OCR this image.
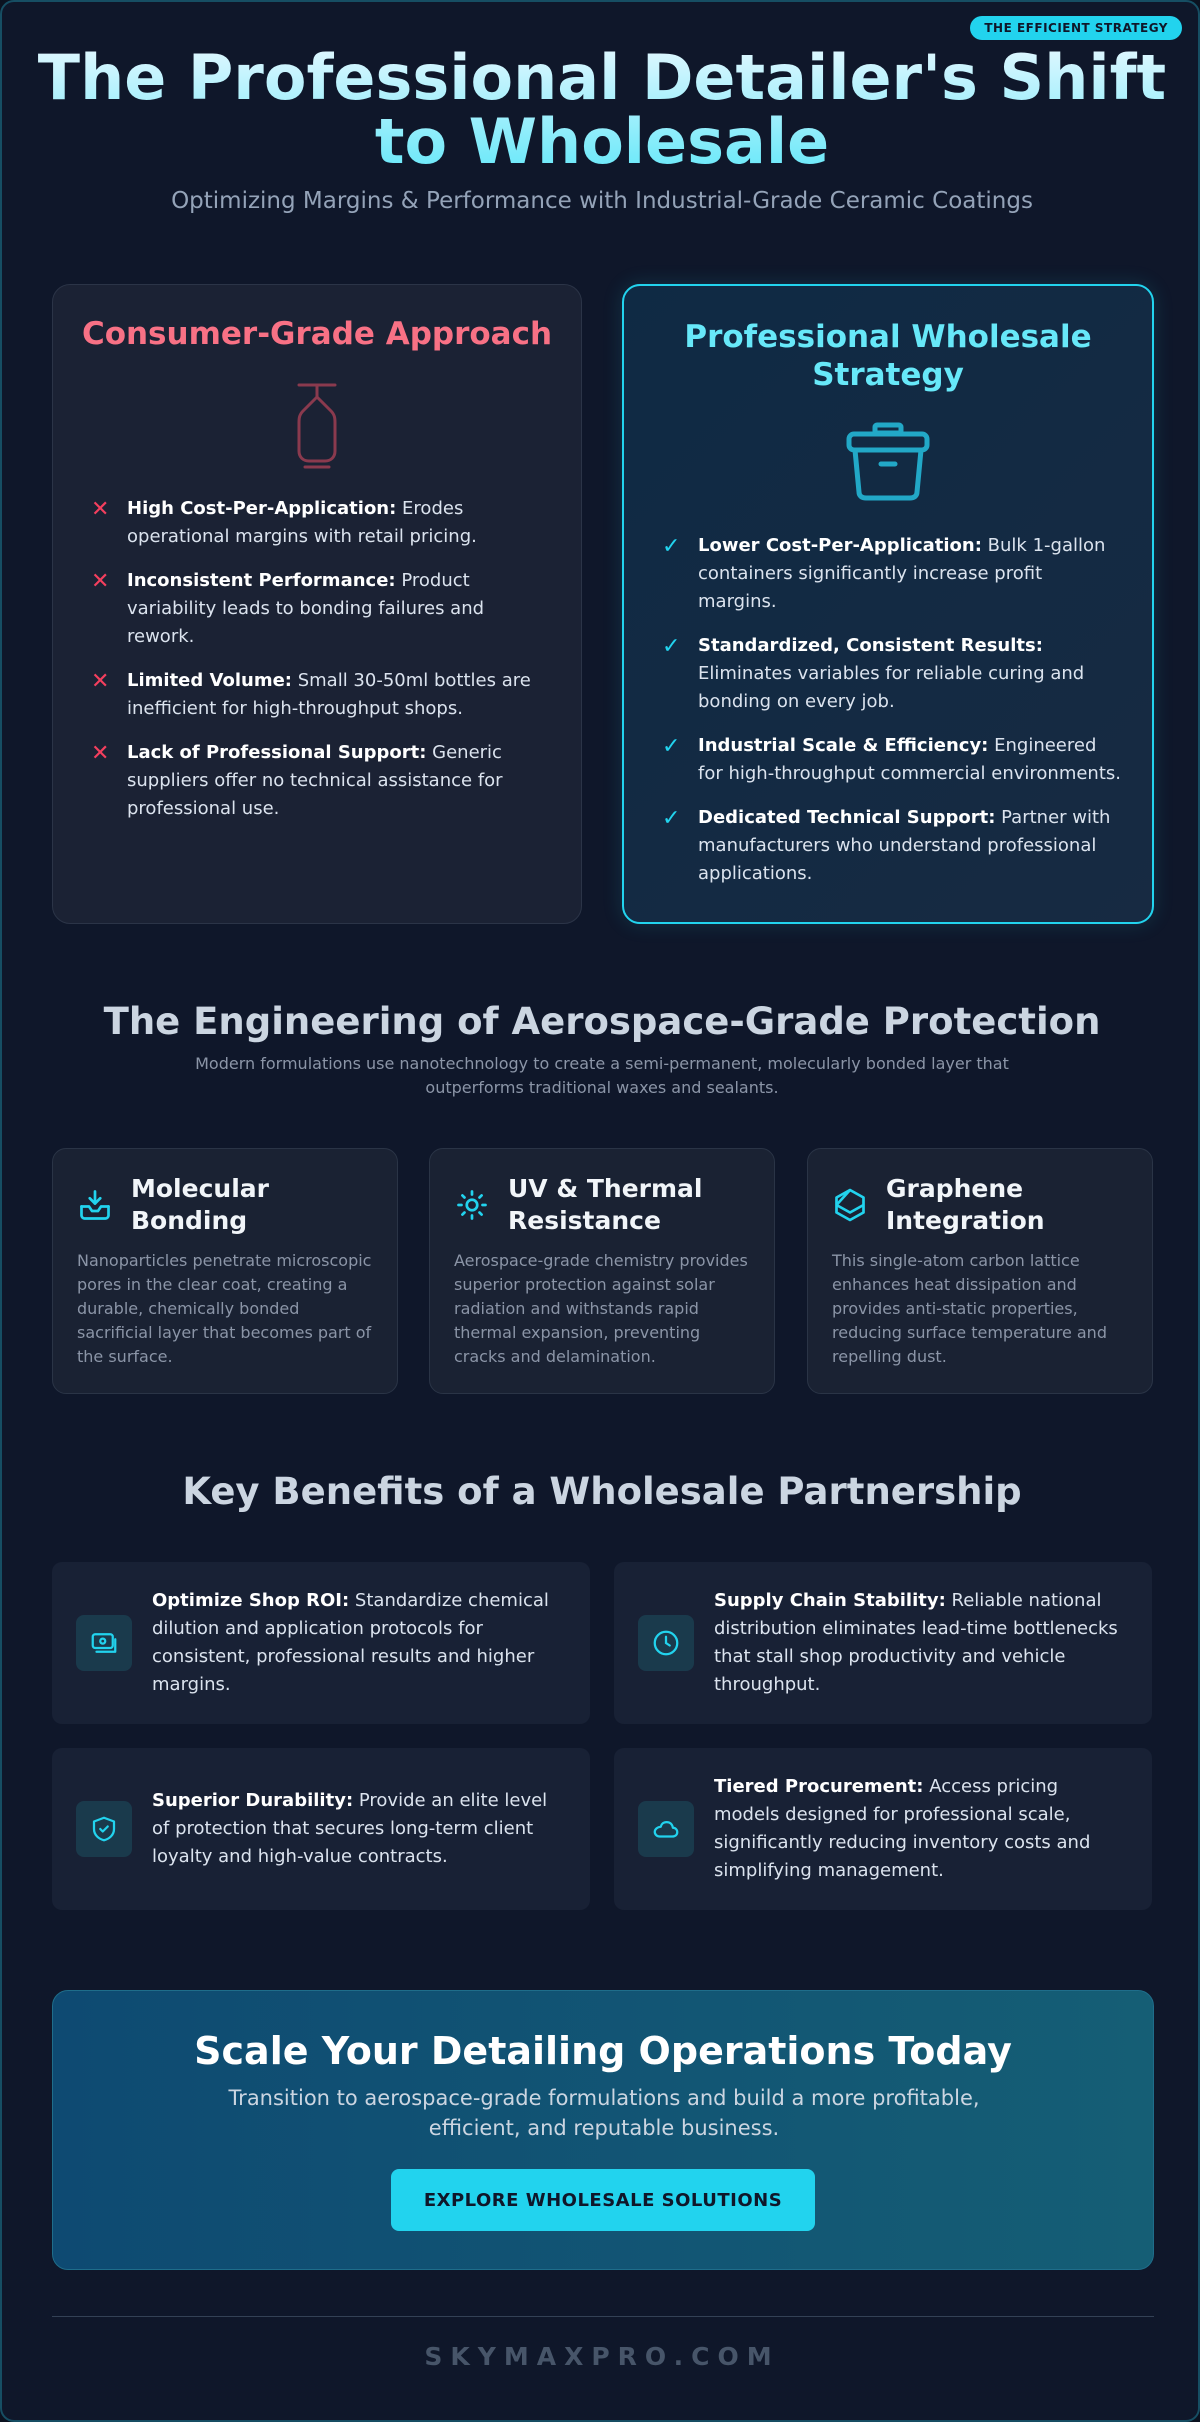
THE EFFICIENT STRATEGY
The Professional Detailer's Shift to Wholesale
Optimizing Margins & Performance with Industrial-Grade Ceramic Coatings
Consumer-Grade Approach
✕ High Cost-Per-Application: Erodes operational margins with retail pricing.
✕ Inconsistent Performance: Product variability leads to bonding failures and rework.
✕ Limited Volume: Small 30-50ml bottles are inefficient for high-throughput shops.
✕ Lack of Professional Support: Generic suppliers offer no technical assistance for professional use.
Professional Wholesale Strategy
✓ Lower Cost-Per-Application: Bulk 1-gallon containers significantly increase profit margins.
✓ Standardized, Consistent Results: Eliminates variables for reliable curing and bonding on every job.
✓ Industrial Scale & Efficiency: Engineered for high-throughput commercial environments.
✓ Dedicated Technical Support: Partner with manufacturers who understand professional applications.
The Engineering of Aerospace-Grade Protection
Modern formulations use nanotechnology to create a semi-permanent, molecularly bonded layer that outperforms traditional waxes and sealants.
Molecular Bonding
Nanoparticles penetrate microscopic pores in the clear coat, creating a durable, chemically bonded sacrificial layer that becomes part of the surface.
UV & Thermal Resistance
Aerospace-grade chemistry provides superior protection against solar radiation and withstands rapid thermal expansion, preventing cracks and delamination.
Graphene Integration
This single-atom carbon lattice enhances heat dissipation and provides anti-static properties, reducing surface temperature and repelling dust.
Key Benefits of a Wholesale Partnership
Optimize Shop ROI: Standardize chemical dilution and application protocols for consistent, professional results and higher margins.
Supply Chain Stability: Reliable national distribution eliminates lead-time bottlenecks that stall shop productivity and vehicle throughput.
Superior Durability: Provide an elite level of protection that secures long-term client loyalty and high-value contracts.
Tiered Procurement: Access pricing models designed for professional scale, significantly reducing inventory costs and simplifying management.
Scale Your Detailing Operations Today
Transition to aerospace-grade formulations and build a more profitable, efficient, and reputable business.
EXPLORE WHOLESALE SOLUTIONS
SKYMAXPRO.COM
